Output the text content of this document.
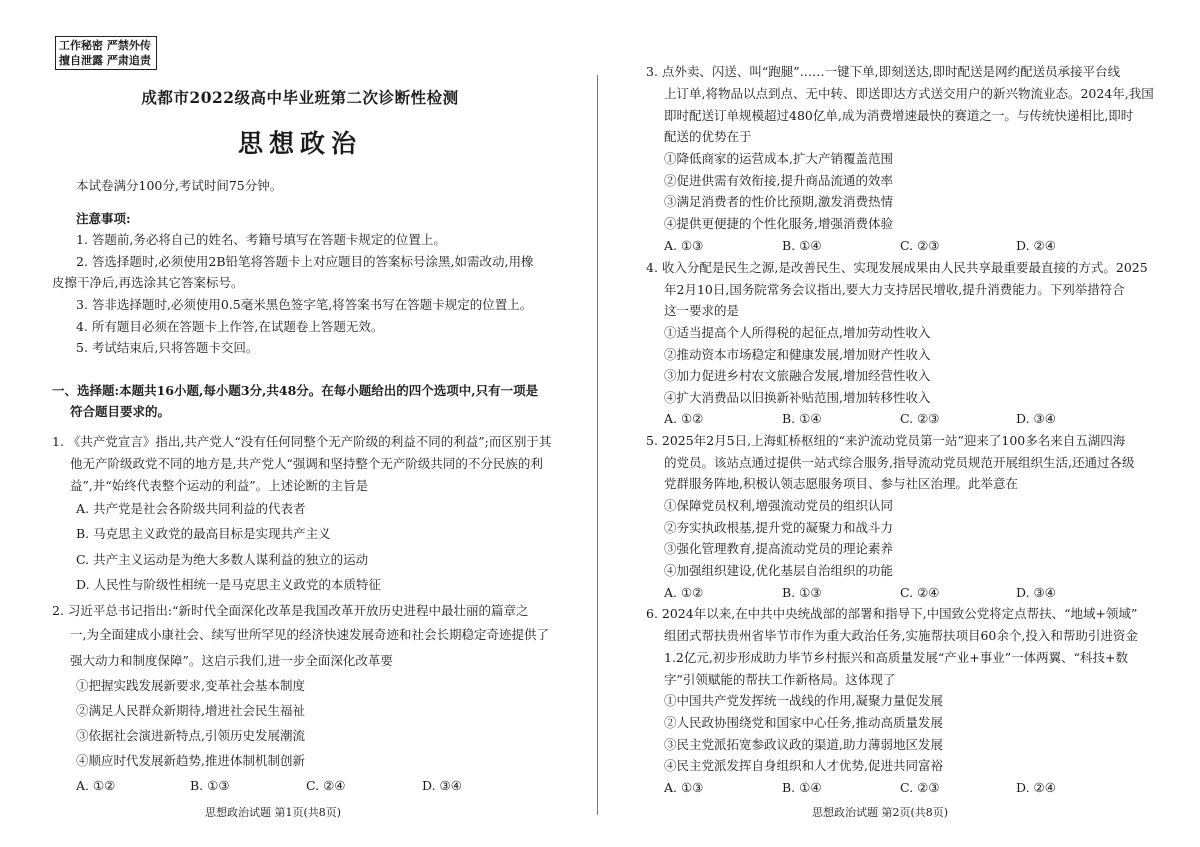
工作秘密 严禁外传
擅自泄露 严肃追责
成都市2022级高中毕业班第二次诊断性检测
思想政治
本试卷满分100分,考试时间75分钟。
注意事项:
1. 答题前,务必将自己的姓名、考籍号填写在答题卡规定的位置上。
2. 答选择题时,必须使用2B铅笔将答题卡上对应题目的答案标号涂黑,如需改动,用橡
皮擦干净后,再选涂其它答案标号。
3. 答非选择题时,必须使用0.5毫米黑色签字笔,将答案书写在答题卡规定的位置上。
4. 所有题目必须在答题卡上作答,在试题卷上答题无效。
5. 考试结束后,只将答题卡交回。
一、选择题:本题共16小题,每小题3分,共48分。在每小题给出的四个选项中,只有一项是
符合题目要求的。
1. 《共产党宣言》指出,共产党人“没有任何同整个无产阶级的利益不同的利益”;而区别于其
他无产阶级政党不同的地方是,共产党人“强调和坚持整个无产阶级共同的不分民族的利
益”,并“始终代表整个运动的利益”。上述论断的主旨是
A. 共产党是社会各阶级共同利益的代表者
B. 马克思主义政党的最高目标是实现共产主义
C. 共产主义运动是为绝大多数人谋利益的独立的运动
D. 人民性与阶级性相统一是马克思主义政党的本质特征
2. 习近平总书记指出:“新时代全面深化改革是我国改革开放历史进程中最壮丽的篇章之
一,为全面建成小康社会、续写世所罕见的经济快速发展奇迹和社会长期稳定奇迹提供了
强大动力和制度保障”。这启示我们,进一步全面深化改革要
①把握实践发展新要求,变革社会基本制度
②满足人民群众新期待,增进社会民生福祉
③依据社会演进新特点,引领历史发展潮流
④顺应时代发展新趋势,推进体制机制创新
A. ①②	B. ①③	C. ②④	D. ③④
思想政治试题 第1页(共8页)
3. 点外卖、闪送、叫“跑腿”……一键下单,即刻送达,即时配送是网约配送员承接平台线
上订单,将物品以点到点、无中转、即送即达方式送交用户的新兴物流业态。2024年,我国
即时配送订单规模超过480亿单,成为消费增速最快的赛道之一。与传统快递相比,即时
配送的优势在于
①降低商家的运营成本,扩大产销覆盖范围
②促进供需有效衔接,提升商品流通的效率
③满足消费者的性价比预期,激发消费热情
④提供更便捷的个性化服务,增强消费体验
A. ①③	B. ①④	C. ②③	D. ②④
4. 收入分配是民生之源,是改善民生、实现发展成果由人民共享最重要最直接的方式。2025
年2月10日,国务院常务会议指出,要大力支持居民增收,提升消费能力。下列举措符合
这一要求的是
①适当提高个人所得税的起征点,增加劳动性收入
②推动资本市场稳定和健康发展,增加财产性收入
③加力促进乡村农文旅融合发展,增加经营性收入
④扩大消费品以旧换新补贴范围,增加转移性收入
A. ①②	B. ①④	C. ②③	D. ③④
5. 2025年2月5日,上海虹桥枢纽的“来沪流动党员第一站”迎来了100多名来自五湖四海
的党员。该站点通过提供一站式综合服务,指导流动党员规范开展组织生活,还通过各级
党群服务阵地,积极认领志愿服务项目、参与社区治理。此举意在
①保障党员权利,增强流动党员的组织认同
②夯实执政根基,提升党的凝聚力和战斗力
③强化管理教育,提高流动党员的理论素养
④加强组织建设,优化基层自治组织的功能
A. ①②	B. ①③	C. ②④	D. ③④
6. 2024年以来,在中共中央统战部的部署和指导下,中国致公党将定点帮扶、“地域+领域”
组团式帮扶贵州省毕节市作为重大政治任务,实施帮扶项目60余个,投入和帮助引进资金
1.2亿元,初步形成助力毕节乡村振兴和高质量发展“产业+事业”一体两翼、“科技+数
字”引领赋能的帮扶工作新格局。这体现了
①中国共产党发挥统一战线的作用,凝聚力量促发展
②人民政协围绕党和国家中心任务,推动高质量发展
③民主党派拓宽参政议政的渠道,助力薄弱地区发展
④民主党派发挥自身组织和人才优势,促进共同富裕
A. ①③	B. ①④	C. ②③	D. ②④
思想政治试题 第2页(共8页)
